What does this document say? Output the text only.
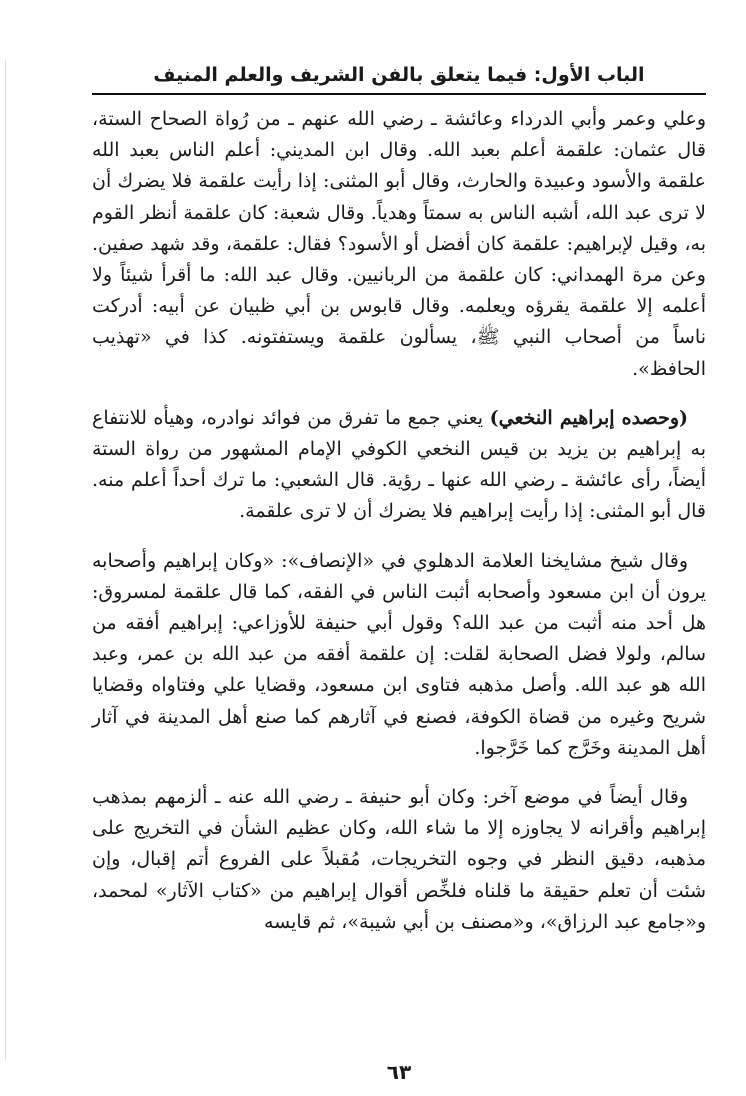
الباب الأول: فيما يتعلق بالفن الشريف والعلم المنيف

وعلي وعمر وأبي الدرداء وعائشة ـ رضي الله عنهم ـ من رُواة الصحاح الستة، قال عثمان: علقمة أعلم بعبد الله. وقال ابن المديني: أعلم الناس بعبد الله علقمة والأسود وعبيدة والحارث، وقال أبو المثنى: إذا رأيت علقمة فلا يضرك أن لا ترى عبد الله، أشبه الناس به سمتاً وهدياً. وقال شعبة: كان علقمة أنظر القوم به، وقيل لإبراهيم: علقمة كان أفضل أو الأسود؟ فقال: علقمة، وقد شهد صفين. وعن مرة الهمداني: كان علقمة من الربانيين. وقال عبد الله: ما أقرأ شيئاً ولا أعلمه إلا علقمة يقرؤه ويعلمه. وقال قابوس بن أبي ظبيان عن أبيه: أدركت ناساً من أصحاب النبي ﷺ، يسألون علقمة ويستفتونه. كذا في «تهذيب الحافظ».

(وحصده إبراهيم النخعي) يعني جمع ما تفرق من فوائد نوادره، وهيأه للانتفاع به إبراهيم بن يزيد بن قيس النخعي الكوفي الإمام المشهور من رواة الستة أيضاً، رأى عائشة ـ رضي الله عنها ـ رؤية. قال الشعبي: ما ترك أحداً أعلم منه. قال أبو المثنى: إذا رأيت إبراهيم فلا يضرك أن لا ترى علقمة.

وقال شيخ مشايخنا العلامة الدهلوي في «الإنصاف»: «وكان إبراهيم وأصحابه يرون أن ابن مسعود وأصحابه أثبت الناس في الفقه، كما قال علقمة لمسروق: هل أحد منه أثبت من عبد الله؟ وقول أبي حنيفة للأوزاعي: إبراهيم أفقه من سالم، ولولا فضل الصحابة لقلت: إن علقمة أفقه من عبد الله بن عمر، وعبد الله هو عبد الله. وأصل مذهبه فتاوى ابن مسعود، وقضايا علي وفتاواه وقضايا شريح وغيره من قضاة الكوفة، فصنع في آثارهم كما صنع أهل المدينة في آثار أهل المدينة وخَرَّج كما خَرَّجوا.

وقال أيضاً في موضع آخر: وكان أبو حنيفة ـ رضي الله عنه ـ ألزمهم بمذهب إبراهيم وأقرانه لا يجاوزه إلا ما شاء الله، وكان عظيم الشأن في التخريج على مذهبه، دقيق النظر في وجوه التخريجات، مُقبلاً على الفروع أتم إقبال، وإن شئت أن تعلم حقيقة ما قلناه فلخِّص أقوال إبراهيم من «كتاب الآثار» لمحمد، و«جامع عبد الرزاق»، و«مصنف بن أبي شيبة»، ثم قايسه

٦٣
